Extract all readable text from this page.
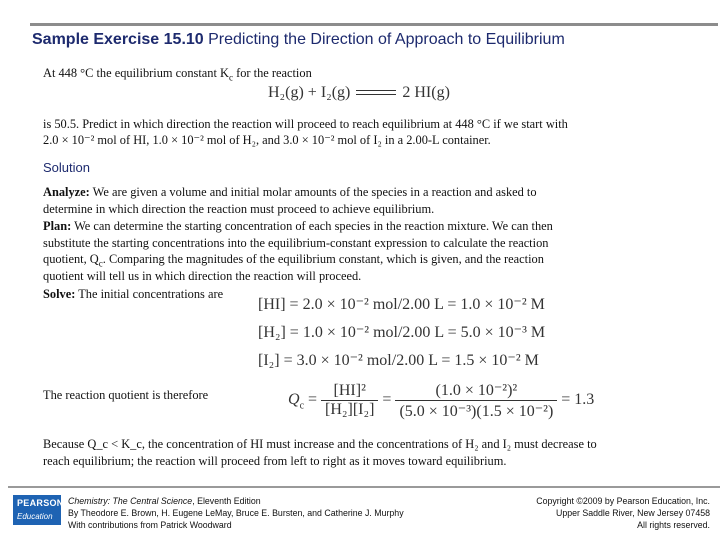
Sample Exercise 15.10 Predicting the Direction of Approach to Equilibrium
At 448 °C the equilibrium constant $K_c$ for the reaction
H₂(g) + I₂(g)	2 HI(g)
is 50.5. Predict in which direction the reaction will proceed to reach equilibrium at 448 °C if we start with
2.0 × 10⁻² mol of HI, 1.0 × 10⁻² mol of H₂, and 3.0 × 10⁻² mol of I₂ in a 2.00-L container.
Solution
Analyze: We are given a volume and initial molar amounts of the species in a reaction and asked to
determine in which direction the reaction must proceed to achieve equilibrium.
Plan: We can determine the starting concentration of each species in the reaction mixture. We can then
substitute the starting concentrations into the equilibrium-constant expression to calculate the reaction
quotient, $Q_c$. Comparing the magnitudes of the equilibrium constant, which is given, and the reaction
quotient will tell us in which direction the reaction will proceed.
Solve: The initial concentrations are
[HI] = 2.0 × 10⁻² mol/2.00 L = 1.0 × 10⁻² M
[H₂] = 1.0 × 10⁻² mol/2.00 L = 5.0 × 10⁻³ M
[I₂] = 3.0 × 10⁻² mol/2.00 L = 1.5 × 10⁻² M
The reaction quotient is therefore	$Q_c = \frac{\text{[HI]²}}{\text{[H₂][I₂]}} = \frac{\text{(1.0 × 10⁻²)²}}{\text{(5.0 × 10⁻³)(1.5 × 10⁻²)}} = 1.3$
Because Q_c < K_c, the concentration of HI must increase and the concentrations of H₂ and I₂ must decrease to
reach equilibrium; the reaction will proceed from left to right as it moves toward equilibrium.
PEARSON
Education
Chemistry: The Central Science, Eleventh Edition
By Theodore E. Brown, H. Eugene LeMay, Bruce E. Bursten, and Catherine J. Murphy
With contributions from Patrick Woodward
Copyright ©2009 by Pearson Education, Inc.
Upper Saddle River, New Jersey 07458
All rights reserved.
